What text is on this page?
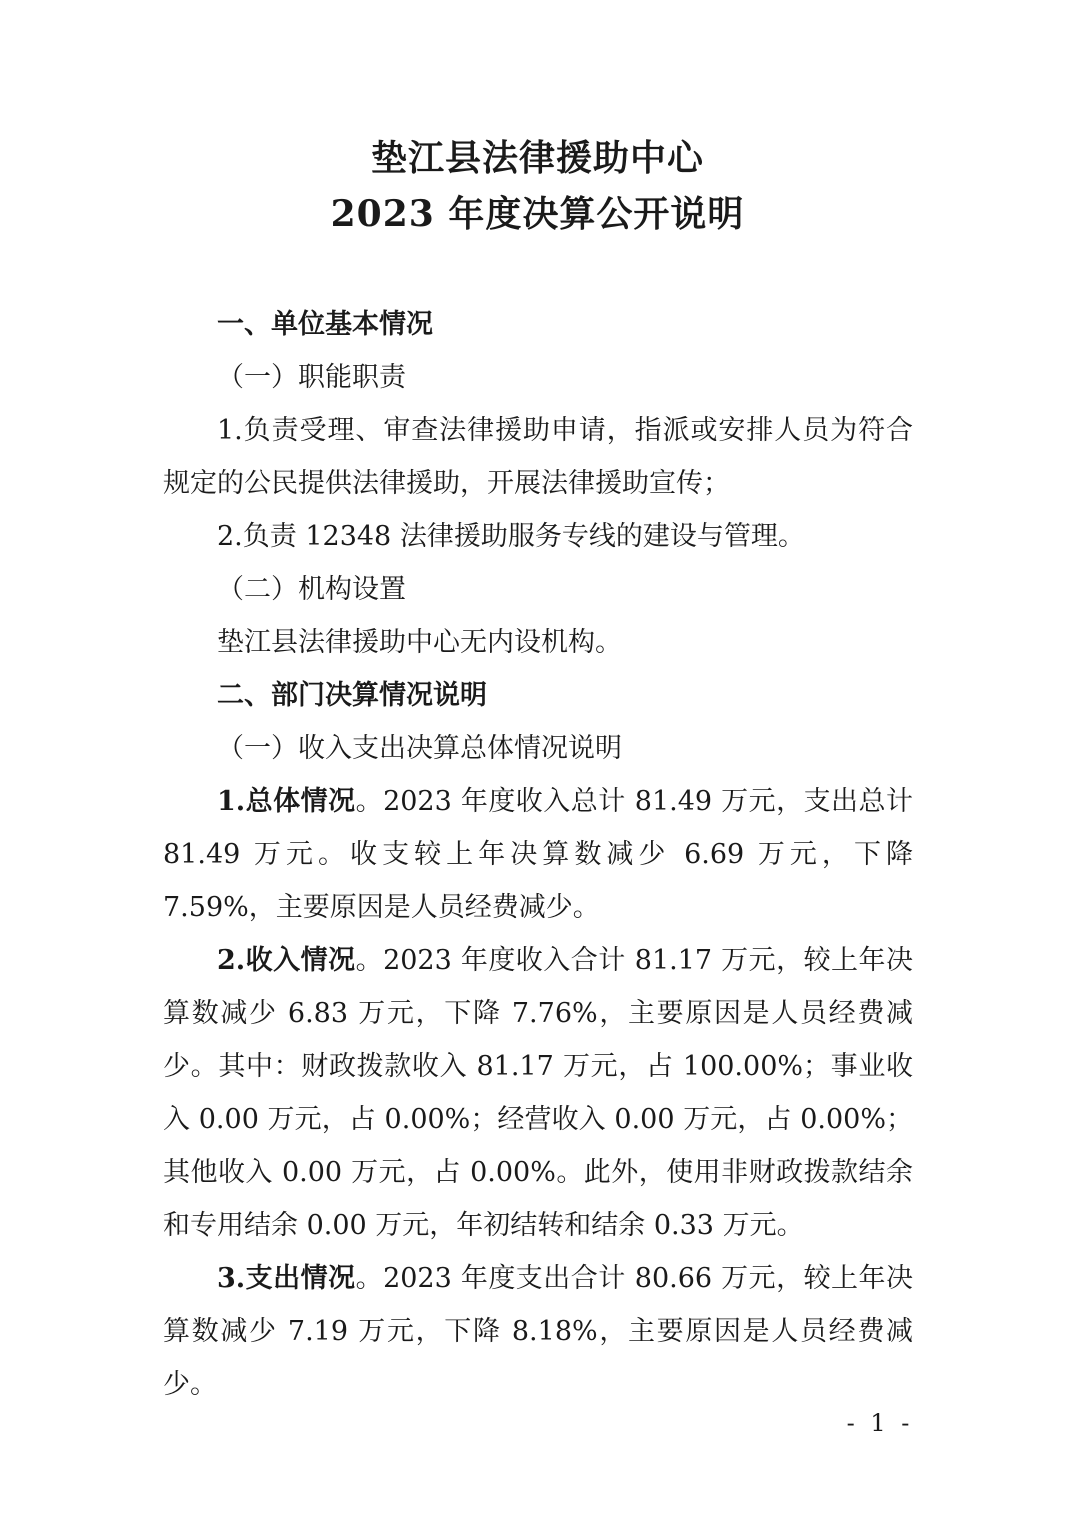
垫江县法律援助中心
2023 年度决算公开说明

一、单位基本情况

（一）职能职责

1.负责受理、审查法律援助申请，指派或安排人员为符合规定的公民提供法律援助，开展法律援助宣传；

2.负责 12348 法律援助服务专线的建设与管理。

（二）机构设置

垫江县法律援助中心无内设机构。

二、部门决算情况说明

（一）收入支出决算总体情况说明

1.总体情况。2023 年度收入总计 81.49 万元，支出总计 81.49 万元。收支较上年决算数减少 6.69 万元，下降 7.59%，主要原因是人员经费减少。

2.收入情况。2023 年度收入合计 81.17 万元，较上年决算数减少 6.83 万元，下降 7.76%，主要原因是人员经费减少。其中：财政拨款收入 81.17 万元，占 100.00%；事业收入 0.00 万元，占 0.00%；经营收入 0.00 万元，占 0.00%；其他收入 0.00 万元，占 0.00%。此外，使用非财政拨款结余和专用结余 0.00 万元，年初结转和结余 0.33 万元。

3.支出情况。2023 年度支出合计 80.66 万元，较上年决算数减少 7.19 万元，下降 8.18%，主要原因是人员经费减少。

- 1 -
